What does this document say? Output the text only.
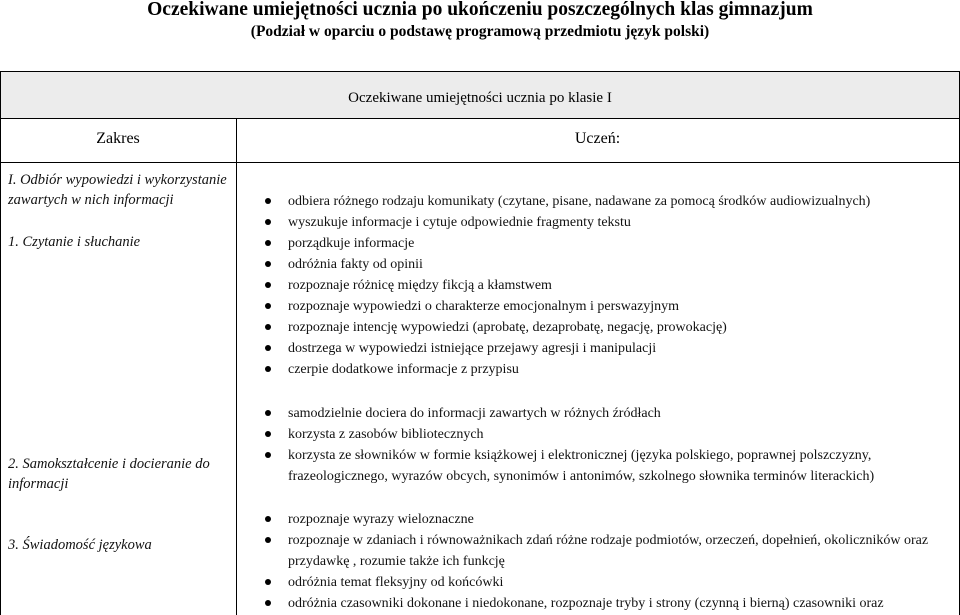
Oczekiwane umiejętności ucznia po ukończeniu poszczególnych klas gimnazjum
(Podział w oparciu o podstawę programową przedmiotu język polski)
Oczekiwane umiejętności ucznia po klasie I
Zakres	Uczeń:
I. Odbiór wypowiedzi i wykorzystanie zawartych w nich informacji
1. Czytanie i słuchanie
2. Samokształcenie i docieranie do informacji
3. Świadomość językowa
odbiera różnego rodzaju komunikaty (czytane, pisane, nadawane za pomocą środków audiowizualnych)
wyszukuje informacje i cytuje odpowiednie fragmenty tekstu
porządkuje informacje
odróżnia fakty od opinii
rozpoznaje różnicę między fikcją a kłamstwem
rozpoznaje wypowiedzi o charakterze emocjonalnym i perswazyjnym
rozpoznaje intencję wypowiedzi (aprobatę, dezaprobatę, negację, prowokację)
dostrzega w wypowiedzi istniejące przejawy agresji i manipulacji
czerpie dodatkowe informacje z przypisu
samodzielnie dociera do informacji zawartych w różnych źródłach
korzysta z zasobów bibliotecznych
korzysta ze słowników w formie książkowej i elektronicznej (języka polskiego, poprawnej polszczyzny, frazeologicznego, wyrazów obcych, synonimów i antonimów, szkolnego słownika terminów literackich)
rozpoznaje wyrazy wieloznaczne
rozpoznaje w zdaniach i równoważnikach zdań różne rodzaje podmiotów, orzeczeń, dopełnień, okoliczników oraz przydawkę , rozumie także ich funkcję
odróżnia temat fleksyjny od końcówki
odróżnia czasowniki dokonane i niedokonane, rozpoznaje tryby i strony (czynną i bierną) czasowniki oraz
